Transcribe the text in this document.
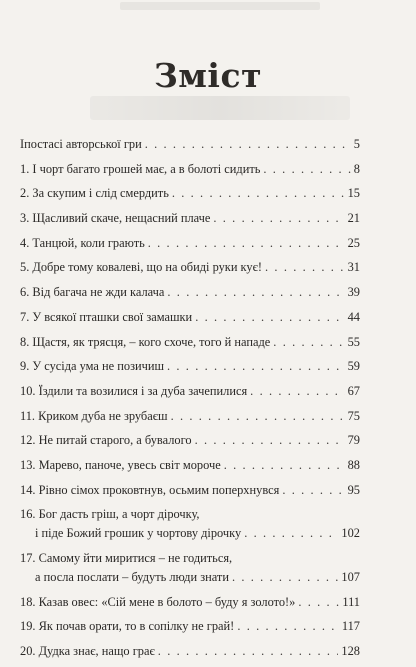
Зміст
Іпостасі авторської гри . . .	5
1. І чорт багато грошей має, а в болоті сидить . . .	8
2. За скупим і слід смердить . . .	15
3. Щасливий скаче, нещасний плаче . . .	21
4. Танцюй, коли грають . . .	25
5. Добре тому ковалеві, що на обиді руки кує! . . .	31
6. Від багача не жди калача . . .	39
7. У всякої пташки свої замашки . . .	44
8. Щастя, як трясця, – кого схоче, того й нападе . . .	55
9. У сусіда ума не позичиш . . .	59
10. Їздили та возилися і за дуба зачепилися . . .	67
11. Криком дуба не зрубаєш . . .	75
12. Не питай старого, а бувалого . . .	79
13. Марево, паноче, увесь світ мороче . . .	88
14. Рівно сімох проковтнув, осьмим поперхнувся . . .	95
16. Бог дасть гріш, а чорт дірочку,
і піде Божий грошик у чортову дірочку . . .	102
17. Самому йти миритися – не годиться,
а посла послати – будуть люди знати . . .	107
18. Казав овес: «Сій мене в болото – буду я золото!» . . .	111
19. Як почав орати, то в сопілку не грай! . . .	117
20. Дудка знає, нащо грає . . .	128
